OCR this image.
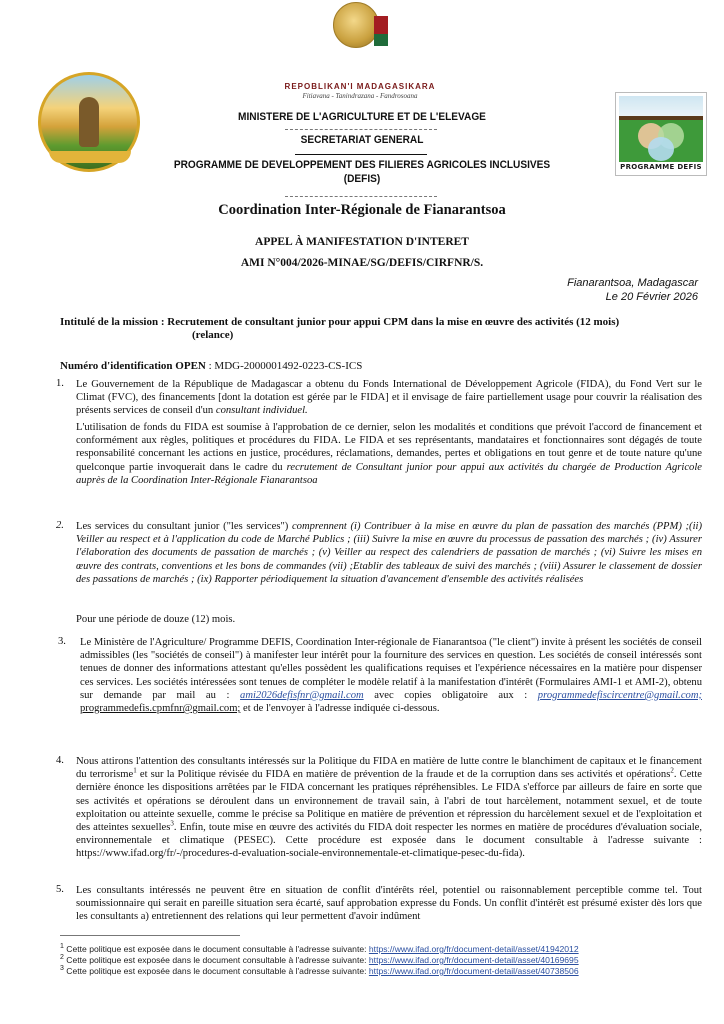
REPOBLIKAN'I MADAGASIKARA
Fitiavana - Tanindrazana - Fandrosoana
PROGRAMME DEFIS
MINISTERE DE L'AGRICULTURE ET DE L'ELEVAGE
SECRETARIAT GENERAL
PROGRAMME DE DEVELOPPEMENT DES FILIERES AGRICOLES INCLUSIVES
(DEFIS)
Coordination Inter-Régionale de Fianarantsoa
APPEL À MANIFESTATION D'INTERET
AMI N°004/2026-MINAE/SG/DEFIS/CIRFNR/S.
Fianarantsoa, Madagascar
Le 20 Février 2026
Intitulé de la mission : Recrutement de consultant junior pour appui CPM dans la mise en œuvre des activités (12 mois)
(relance)
Numéro d'identification OPEN : MDG-2000001492-0223-CS-ICS
1. Le Gouvernement de la République de Madagascar a obtenu du Fonds International de Développement Agricole (FIDA), du Fond Vert sur le Climat (FVC), des financements [dont la dotation est gérée par le FIDA] et il envisage de faire partiellement usage pour couvrir la réalisation des présents services de conseil d'un consultant individuel.
L'utilisation de fonds du FIDA est soumise à l'approbation de ce dernier, selon les modalités et conditions que prévoit l'accord de financement et conformément aux règles, politiques et procédures du FIDA. Le FIDA et ses représentants, mandataires et fonctionnaires sont dégagés de toute responsabilité concernant les actions en justice, procédures, réclamations, demandes, pertes et obligations en tout genre et de toute nature qu'une quelconque partie invoquerait dans le cadre du recrutement de Consultant junior pour appui aux activités du chargée de Production Agricole auprès de la Coordination Inter-Régionale Fianarantsoa
2. Les services du consultant junior ("les services") comprennent (i) Contribuer à la mise en œuvre du plan de passation des marchés (PPM) ;(ii) Veiller au respect et à l'application du code de Marché Publics ; (iii) Suivre la mise en œuvre du processus de passation des marchés ; (iv) Assurer l'élaboration des documents de passation de marchés ; (v) Veiller au respect des calendriers de passation de marchés ; (vi) Suivre les mises en œuvre des contrats, conventions et les bons de commandes (vii) ;Etablir des tableaux de suivi des marchés ; (viii) Assurer le classement de dossier des passations de marchés ; (ix) Rapporter périodiquement la situation d'avancement d'ensemble des activités réalisées
Pour une période de douze (12) mois.
3. Le Ministère de l'Agriculture/ Programme DEFIS, Coordination Inter-régionale de Fianarantsoa ("le client") invite à présent les sociétés de conseil admissibles (les "sociétés de conseil") à manifester leur intérêt pour la fourniture des services en question. Les sociétés de conseil intéressés sont tenues de donner des informations attestant qu'elles possèdent les qualifications requises et l'expérience nécessaires en la matière pour dispenser ces services. Les sociétés intéressées sont tenues de compléter le modèle relatif à la manifestation d'intérêt (Formulaires AMI-1 et AMI-2), obtenu sur demande par mail au : ami2026defisfnr@gmail.com avec copies obligatoire aux : programmedefiscircentre@gmail.com; programmedefis.cpmfnr@gmail.com; et de l'envoyer à l'adresse indiquée ci-dessous.
4. Nous attirons l'attention des consultants intéressés sur la Politique du FIDA en matière de lutte contre le blanchiment de capitaux et le financement du terrorisme$^1$ et sur la Politique révisée du FIDA en matière de prévention de la fraude et de la corruption dans ses activités et opérations$^2$. Cette dernière énonce les dispositions arrêtées par le FIDA concernant les pratiques répréhensibles. Le FIDA s'efforce par ailleurs de faire en sorte que ses activités et opérations se déroulent dans un environnement de travail sain, à l'abri de tout harcèlement, notamment sexuel, et de toute exploitation ou atteinte sexuelle, comme le précise sa Politique en matière de prévention et répression du harcèlement sexuel et de l'exploitation et des atteintes sexuelles$^3$. Enfin, toute mise en œuvre des activités du FIDA doit respecter les normes en matière de procédures d'évaluation sociale, environnementale et climatique (PESEC). Cette procédure est exposée dans le document consultable à l'adresse suivante : https://www.ifad.org/fr/-/procedures-d-evaluation-sociale-environnementale-et-climatique-pesec-du-fida).
5. Les consultants intéressés ne peuvent être en situation de conflit d'intérêts réel, potentiel ou raisonnablement perceptible comme tel. Tout soumissionnaire qui serait en pareille situation sera écarté, sauf approbation expresse du Fonds. Un conflit d'intérêt est présumé exister dès lors que les consultants a) entretiennent des relations qui leur permettent d'avoir indûment
$^1$ Cette politique est exposée dans le document consultable à l'adresse suivante: https://www.ifad.org/fr/document-detail/asset/41942012
$^2$ Cette politique est exposée dans le document consultable à l'adresse suivante: https://www.ifad.org/fr/document-detail/asset/40169695
$^3$ Cette politique est exposée dans le document consultable à l'adresse suivante: https://www.ifad.org/fr/document-detail/asset/40738506
